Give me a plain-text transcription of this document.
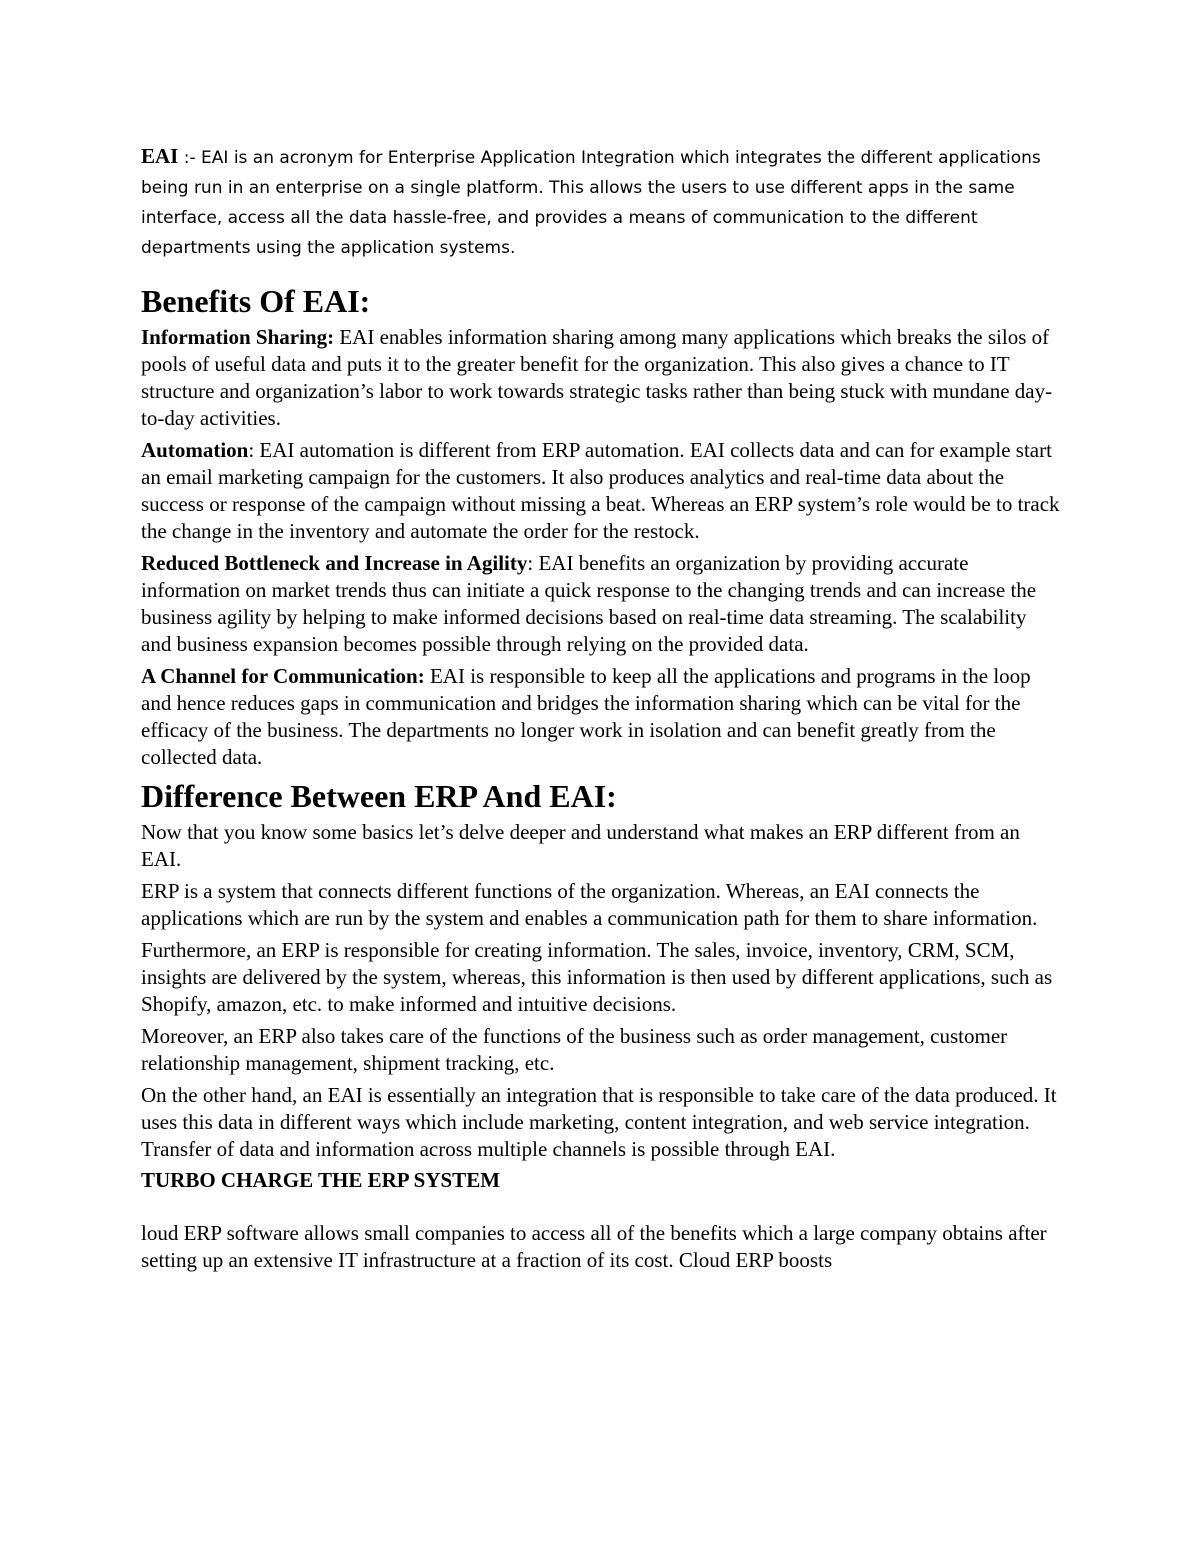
EAI :- EAI is an acronym for Enterprise Application Integration which integrates the different applications being run in an enterprise on a single platform. This allows the users to use different apps in the same interface, access all the data hassle-free, and provides a means of communication to the different departments using the application systems.

Benefits Of EAI:

Information Sharing: EAI enables information sharing among many applications which breaks the silos of pools of useful data and puts it to the greater benefit for the organization. This also gives a chance to IT structure and organization’s labor to work towards strategic tasks rather than being stuck with mundane day-to-day activities.

Automation: EAI automation is different from ERP automation. EAI collects data and can for example start an email marketing campaign for the customers. It also produces analytics and real-time data about the success or response of the campaign without missing a beat. Whereas an ERP system’s role would be to track the change in the inventory and automate the order for the restock.

Reduced Bottleneck and Increase in Agility: EAI benefits an organization by providing accurate information on market trends thus can initiate a quick response to the changing trends and can increase the business agility by helping to make informed decisions based on real-time data streaming. The scalability and business expansion becomes possible through relying on the provided data.

A Channel for Communication: EAI is responsible to keep all the applications and programs in the loop and hence reduces gaps in communication and bridges the information sharing which can be vital for the efficacy of the business. The departments no longer work in isolation and can benefit greatly from the collected data.

Difference Between ERP And EAI:

Now that you know some basics let’s delve deeper and understand what makes an ERP different from an EAI.

ERP is a system that connects different functions of the organization. Whereas, an EAI connects the applications which are run by the system and enables a communication path for them to share information.

Furthermore, an ERP is responsible for creating information. The sales, invoice, inventory, CRM, SCM, insights are delivered by the system, whereas, this information is then used by different applications, such as Shopify, amazon, etc. to make informed and intuitive decisions.

Moreover, an ERP also takes care of the functions of the business such as order management, customer relationship management, shipment tracking, etc.

On the other hand, an EAI is essentially an integration that is responsible to take care of the data produced. It uses this data in different ways which include marketing, content integration, and web service integration. Transfer of data and information across multiple channels is possible through EAI.

TURBO CHARGE THE ERP SYSTEM

loud ERP software allows small companies to access all of the benefits which a large company obtains after setting up an extensive IT infrastructure at a fraction of its cost. Cloud ERP boosts
